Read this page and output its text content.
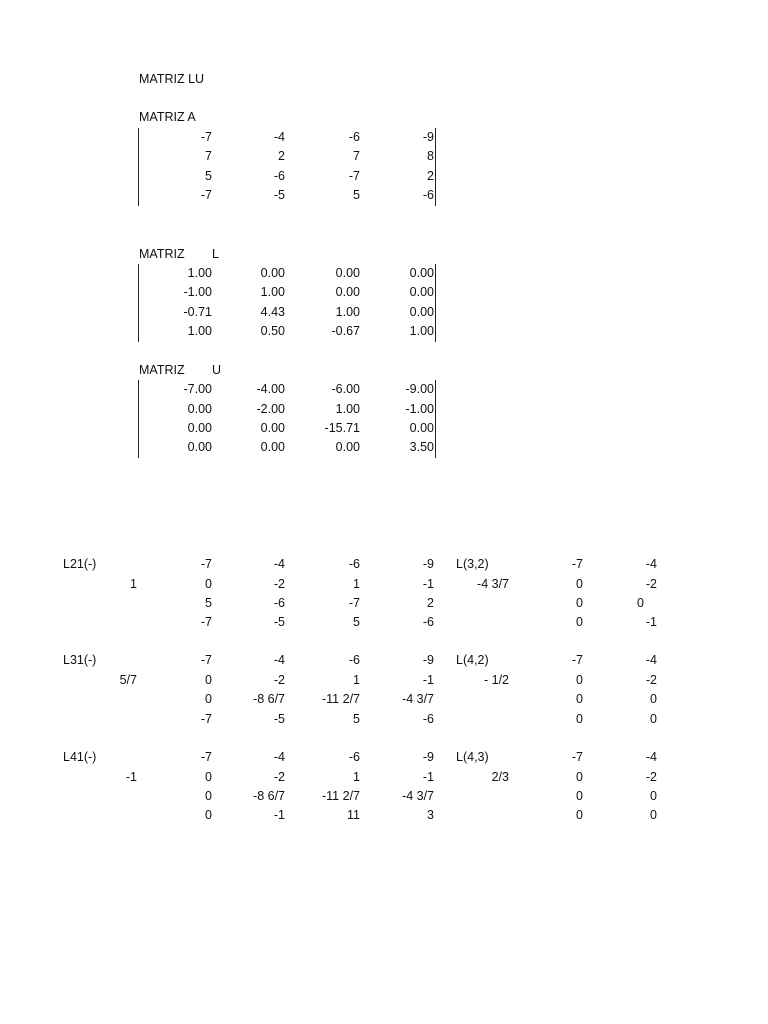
MATRIZ LU
MATRIZ A
-7	-4	-6	-9
7	2	7	8
5	-6	-7	2
-7	-5	5	-6
MATRIZ L
1.00	0.00	0.00	0.00
-1.00	1.00	0.00	0.00
-0.71	4.43	1.00	0.00
1.00	0.50	-0.67	1.00
MATRIZ U
-7.00	-4.00	-6.00	-9.00
0.00	-2.00	1.00	-1.00
0.00	0.00	-15.71	0.00
0.00	0.00	0.00	3.50
L21(-)
1
-7	-4	-6	-9
0	-2	1	-1
5	-6	-7	2
-7	-5	5	-6
L31(-)
5/7
-7	-4	-6	-9
0	-2	1	-1
0	-8 6/7	-11 2/7	-4 3/7
-7	-5	5	-6
L41(-)
-1
-7	-4	-6	-9
0	-2	1	-1
0	-8 6/7	-11 2/7	-4 3/7
0	-1	11	3
L(3,2)
-4 3/7
-7	-4
0	-2
0	0
0	-1
L(4,2)
- 1/2
-7	-4
0	-2
0	0
0	0
L(4,3)
2/3
-7	-4
0	-2
0	0
0	0
